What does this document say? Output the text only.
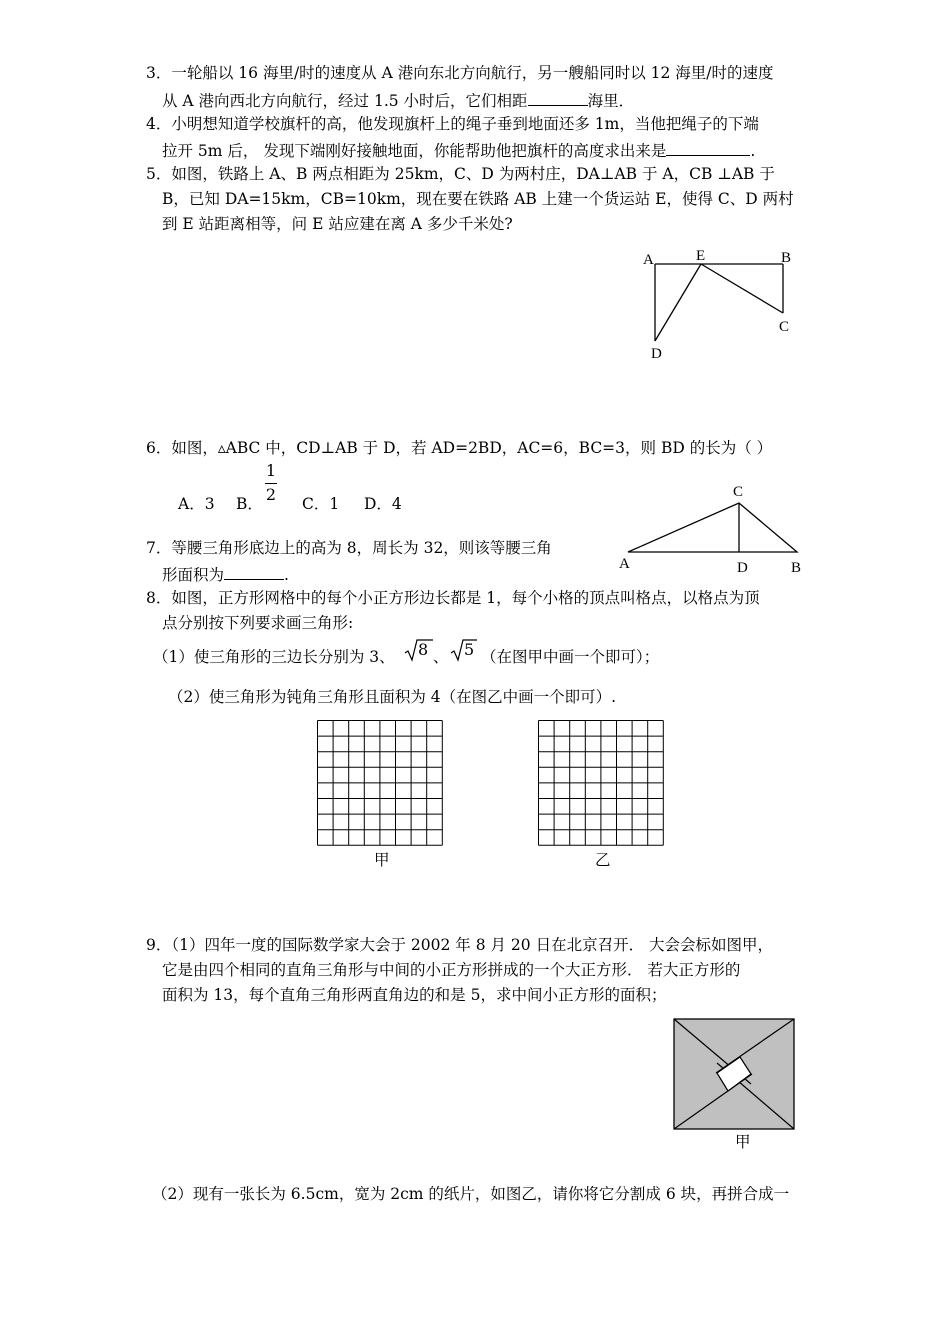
3．一轮船以 16 海里/时的速度从 A 港向东北方向航行，另一艘船同时以 12 海里/时的速度
从 A 港向西北方向航行，经过 1.5 小时后，它们相距	海里．
4．小明想知道学校旗杆的高，他发现旗杆上的绳子垂到地面还多 1m，当他把绳子的下端
拉开 5m 后， 发现下端刚好接触地面，你能帮助他把旗杆的高度求出来是	.
5．如图，铁路上 A、B 两点相距为 25km，C、D 为两村庄，DA⊥AB 于 A，CB ⊥AB 于
B，已知 DA=15km，CB=10km，现在要在铁路 AB 上建一个货运站 E，使得 C、D 两村
到 E 站距离相等，问 E 站应建在离 A 多少千米处?
A	E	B
C
D
6．如图，▵ABC 中，CD⊥AB 于 D，若 AD=2BD，AC=6，BC=3，则 BD 的长为（ ）
A．3 B．
1
2 C．1 D．4
C
A	D	B
7．等腰三角形底边上的高为 8，周长为 32，则该等腰三角
形面积为	.
8．如图，正方形网格中的每个小正方形边长都是 1，每个小格的顶点叫格点，以格点为顶
点分别按下列要求画三角形:
（1）使三角形的三边长分别为 3、 8 、 5 （在图甲中画一个即可）；
（2）使三角形为钝角三角形且面积为 4（在图乙中画一个即可）.
甲	乙
9．（1）四年一度的国际数学家大会于 2002 年 8 月 20 日在北京召开． 大会会标如图甲，
它是由四个相同的直角三角形与中间的小正方形拼成的一个大正方形． 若大正方形的
面积为 13，每个直角三角形两直角边的和是 5，求中间小正方形的面积；
甲
（2）现有一张长为 6.5cm，宽为 2cm 的纸片，如图乙，请你将它分割成 6 块，再拼合成一
